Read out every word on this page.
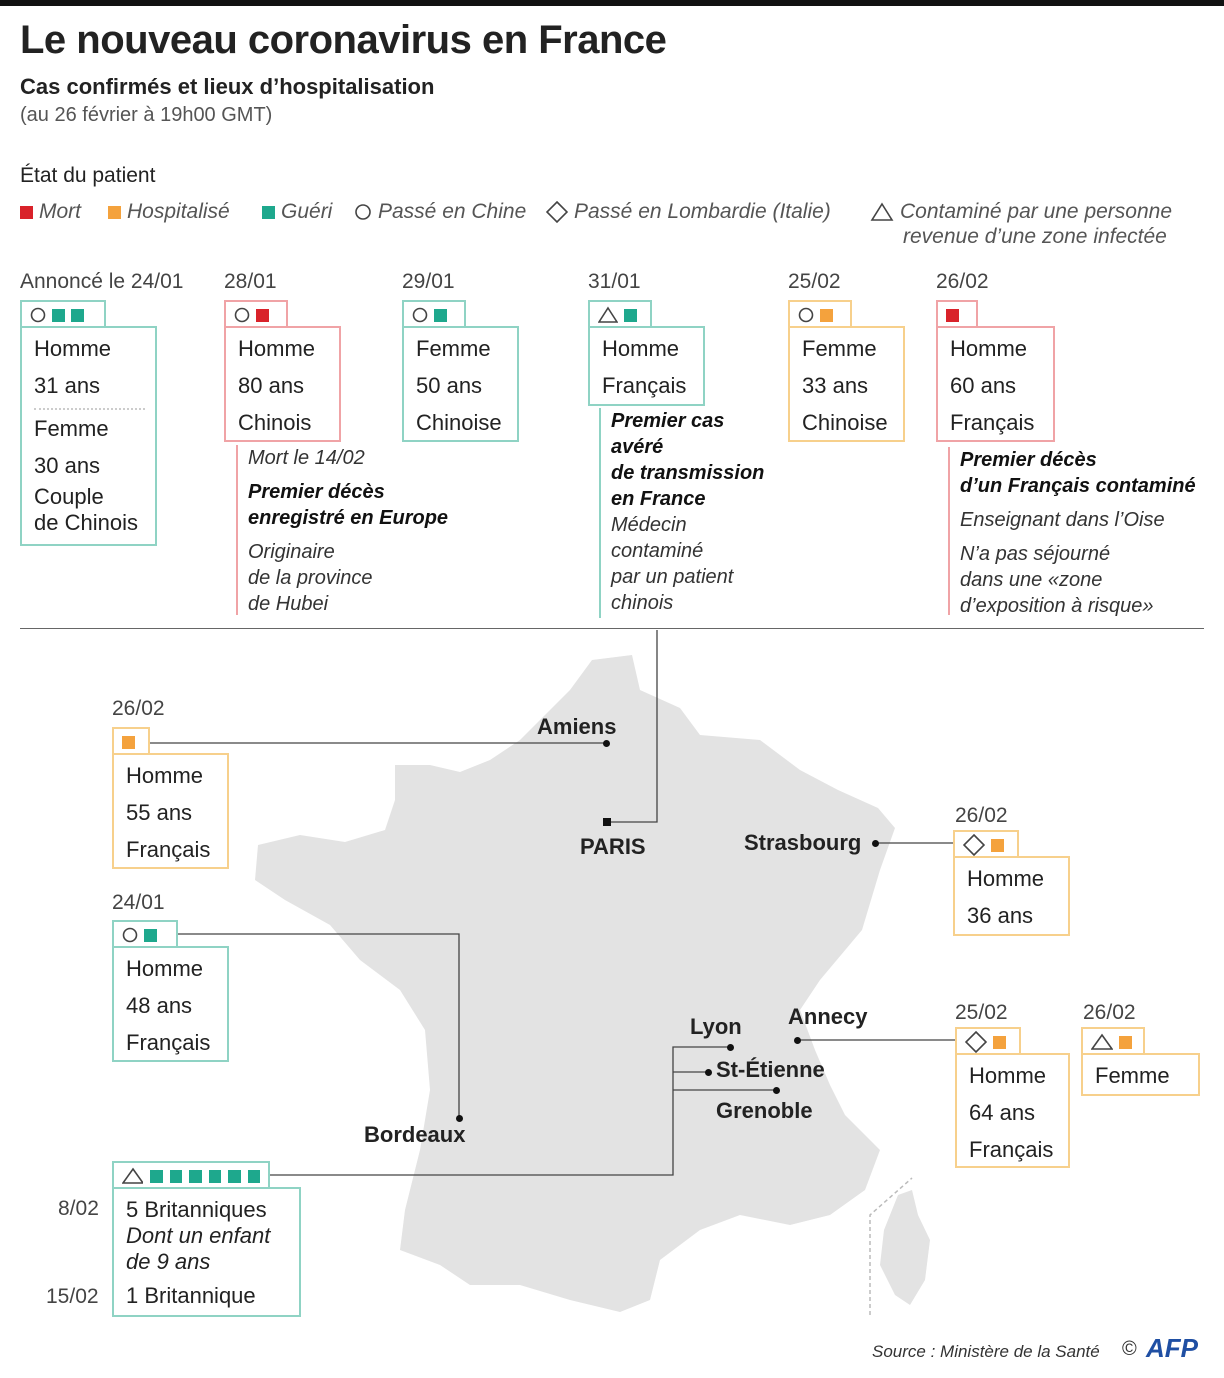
Le nouveau coronavirus en France
Cas confirmés et lieux d’hospitalisation
(au 26 février à 19h00 GMT)
État du patient
Mort Hospitalisé Guéri Passé en Chine Passé en Lombardie (Italie)	Contaminé par une personne
revenue d’une zone infectée
Annoncé le 24/01
Homme
31 ans
Femme
30 ans
Couple
de Chinois
28/01
Homme
80 ans
Chinois
Mort le 14/02
Premier décès
enregistré en Europe
Originaire
de la province
de Hubei
29/01
Femme
50 ans
Chinoise
31/01
Homme
Français
Premier cas
avéré
de transmission
en France
Médecin
contaminé
par un patient
chinois
25/02
Femme
33 ans
Chinoise
26/02
Homme
60 ans
Français
Premier décès
d’un Français contaminé
Enseignant dans l’Oise
N’a pas séjourné
dans une «zone
d’exposition à risque»
Amiens
PARIS	Strasbourg
Bordeaux
Lyon Annecy
St-Étienne
Grenoble
26/02
Homme
55 ans
Français
24/01
Homme
48 ans
Français
26/02
Homme
36 ans
25/02
Homme
64 ans
Français
26/02
Femme
5 Britanniques
Dont un enfant
de 9 ans
1 Britannique
8/02
15/02
Source : Ministère de la Santé © AFP
